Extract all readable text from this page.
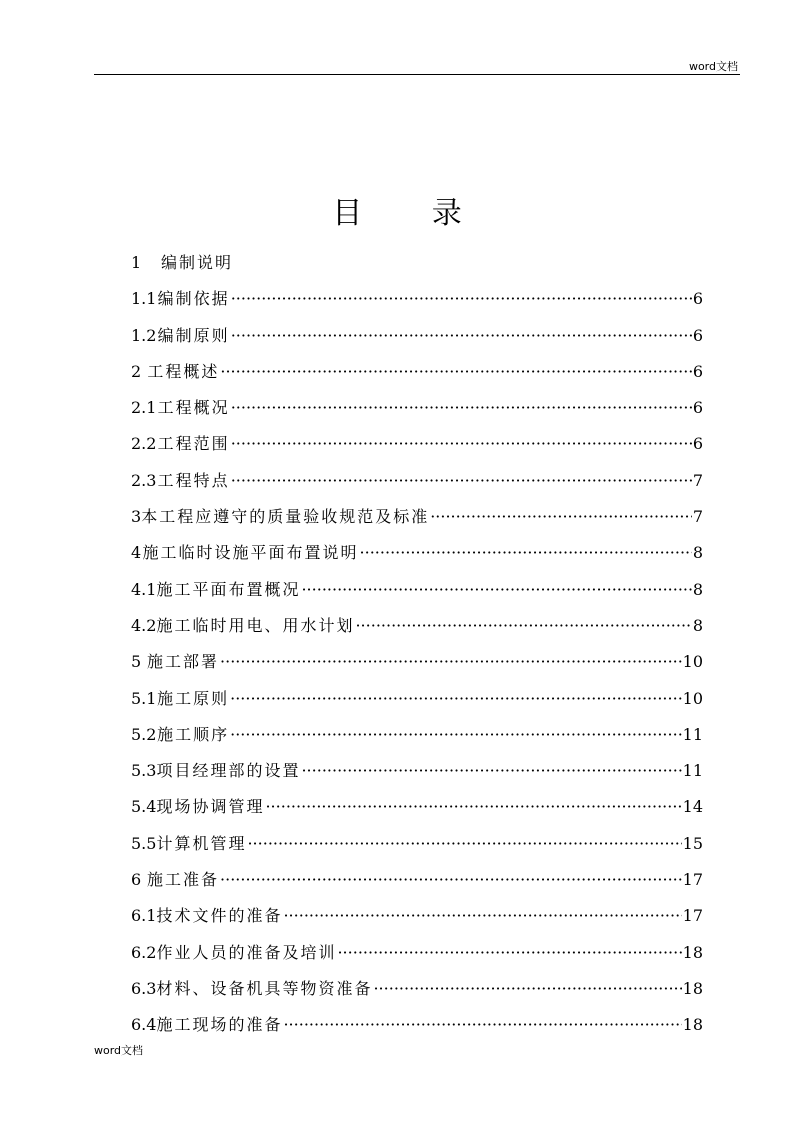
word文档
目 录
1	编制说明
1.1 编制依据 ·····	6
1.2 编制原则 ·····	6
2 工程概述 ·····	6
2.1 工程概况 ·····	6
2.2 工程范围 ·····	6
2.3 工程特点 ·····	7
3 本工程应遵守的质量验收规范及标准 ·····	7
4 施工临时设施平面布置说明 ·····	8
4.1 施工平面布置概况 ·····	8
4.2 施工临时用电、用水计划 ·····	8
5 施工部署 ·····	10
5.1 施工原则 ·····	10
5.2 施工顺序 ·····	11
5.3 项目经理部的设置 ·····	11
5.4 现场协调管理 ·····	14
5.5 计算机管理 ·····	15
6 施工准备 ·····	17
6.1 技术文件的准备 ·····	17
6.2 作业人员的准备及培训 ·····	18
6.3 材料、设备机具等物资准备 ·····	18
6.4 施工现场的准备 ·····	18
word文档
